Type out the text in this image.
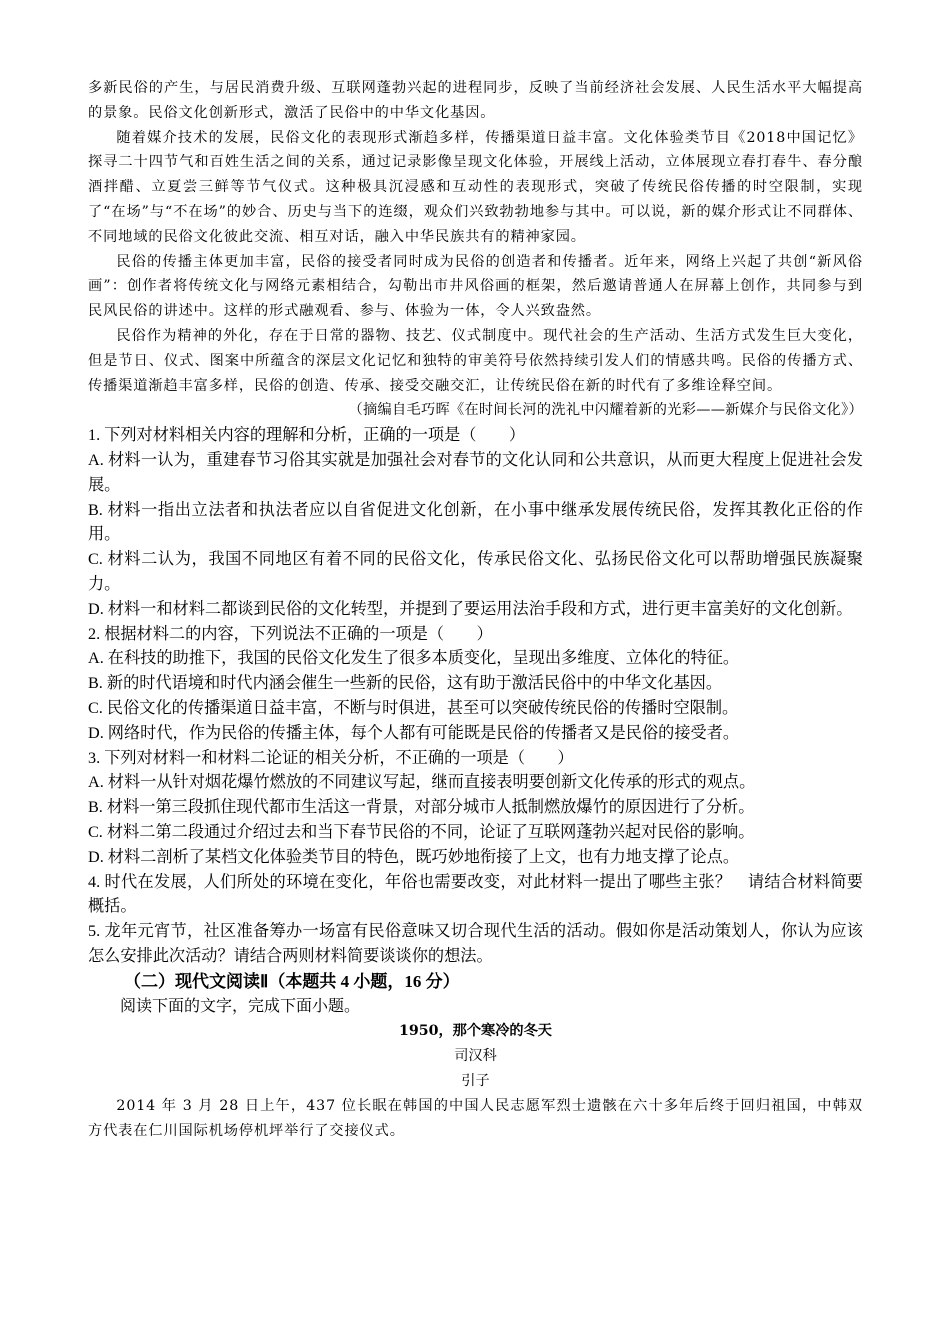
多新民俗的产生，与居民消费升级、互联网蓬勃兴起的进程同步，反映了当前经济社会发展、人民生活水平大幅提高的景象。民俗文化创新形式，激活了民俗中的中华文化基因。

随着媒介技术的发展，民俗文化的表现形式渐趋多样，传播渠道日益丰富。文化体验类节目《2018中国记忆》探寻二十四节气和百姓生活之间的关系，通过记录影像呈现文化体验，开展线上活动，立体展现立春打春牛、春分酿酒拌醋、立夏尝三鲜等节气仪式。这种极具沉浸感和互动性的表现形式，突破了传统民俗传播的时空限制，实现了“在场”与“不在场”的妙合、历史与当下的连缀，观众们兴致勃勃地参与其中。可以说，新的媒介形式让不同群体、不同地域的民俗文化彼此交流、相互对话，融入中华民族共有的精神家园。

民俗的传播主体更加丰富，民俗的接受者同时成为民俗的创造者和传播者。近年来，网络上兴起了共创“新风俗画”：创作者将传统文化与网络元素相结合，勾勒出市井风俗画的框架，然后邀请普通人在屏幕上创作，共同参与到民风民俗的讲述中。这样的形式融观看、参与、体验为一体，令人兴致盎然。

民俗作为精神的外化，存在于日常的器物、技艺、仪式制度中。现代社会的生产活动、生活方式发生巨大变化，但是节日、仪式、图案中所蕴含的深层文化记忆和独特的审美符号依然持续引发人们的情感共鸣。民俗的传播方式、传播渠道渐趋丰富多样，民俗的创造、传承、接受交融交汇，让传统民俗在新的时代有了多维诠释空间。

（摘编自毛巧晖《在时间长河的洗礼中闪耀着新的光彩——新媒介与民俗文化》）

1. 下列对材料相关内容的理解和分析，正确的一项是（　　）

A. 材料一认为，重建春节习俗其实就是加强社会对春节的文化认同和公共意识，从而更大程度上促进社会发展。

B. 材料一指出立法者和执法者应以自省促进文化创新，在小事中继承发展传统民俗，发挥其教化正俗的作用。

C. 材料二认为，我国不同地区有着不同的民俗文化，传承民俗文化、弘扬民俗文化可以帮助增强民族凝聚力。

D. 材料一和材料二都谈到民俗的文化转型，并提到了要运用法治手段和方式，进行更丰富美好的文化创新。

2. 根据材料二的内容，下列说法不正确的一项是（　　）

A. 在科技的助推下，我国的民俗文化发生了很多本质变化，呈现出多维度、立体化的特征。

B. 新的时代语境和时代内涵会催生一些新的民俗，这有助于激活民俗中的中华文化基因。

C. 民俗文化的传播渠道日益丰富，不断与时俱进，甚至可以突破传统民俗的传播时空限制。

D. 网络时代，作为民俗的传播主体，每个人都有可能既是民俗的传播者又是民俗的接受者。

3. 下列对材料一和材料二论证的相关分析，不正确的一项是（　　）

A. 材料一从针对烟花爆竹燃放的不同建议写起，继而直接表明要创新文化传承的形式的观点。

B. 材料一第三段抓住现代都市生活这一背景，对部分城市人抵制燃放爆竹的原因进行了分析。

C. 材料二第二段通过介绍过去和当下春节民俗的不同，论证了互联网蓬勃兴起对民俗的影响。

D. 材料二剖析了某档文化体验类节目的特色，既巧妙地衔接了上文，也有力地支撑了论点。

4. 时代在发展，人们所处的环境在变化，年俗也需要改变，对此材料一提出了哪些主张？　请结合材料简要概括。

5. 龙年元宵节，社区准备筹办一场富有民俗意味又切合现代生活的活动。假如你是活动策划人，你认为应该怎么安排此次活动？请结合两则材料简要谈谈你的想法。

（二）现代文阅读Ⅱ（本题共 4 小题，16 分）

阅读下面的文字，完成下面小题。

1950，那个寒冷的冬天

司汉科

引子

2014 年 3 月 28 日上午，437 位长眠在韩国的中国人民志愿军烈士遗骸在六十多年后终于回归祖国，中韩双方代表在仁川国际机场停机坪举行了交接仪式。
